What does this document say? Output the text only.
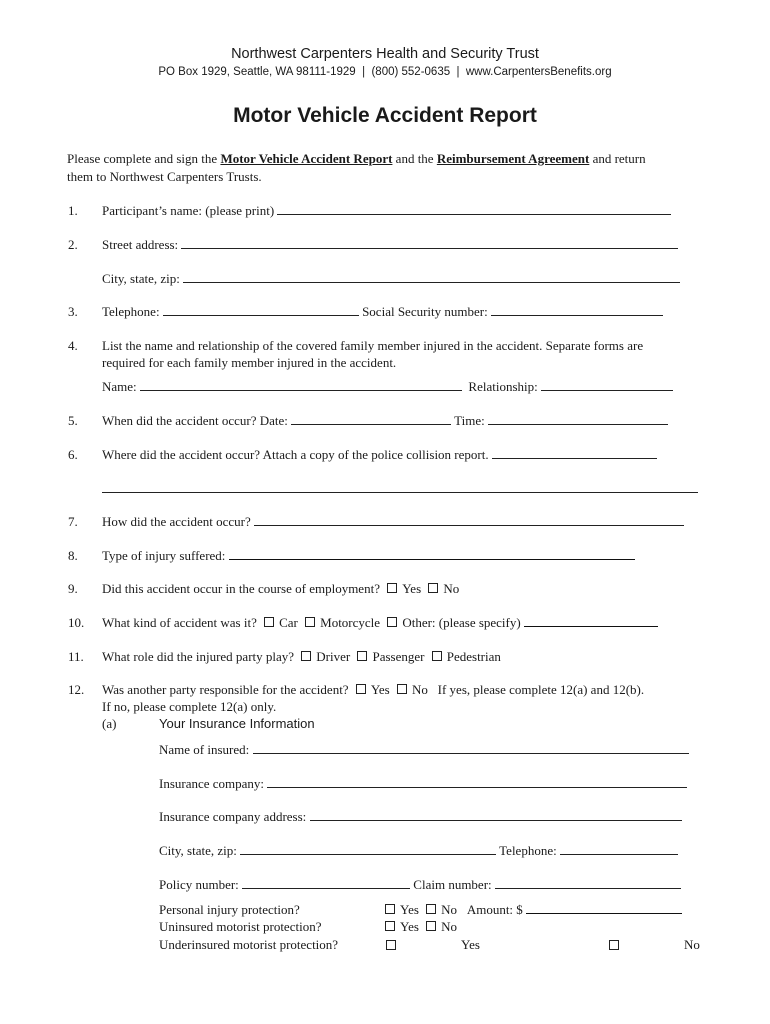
Northwest Carpenters Health and Security Trust
PO Box 1929, Seattle, WA 98111-1929  |  (800) 552-0635  |  www.CarpentersBenefits.org
Motor Vehicle Accident Report
Please complete and sign the Motor Vehicle Accident Report and the Reimbursement Agreement and return
them to Northwest Carpenters Trusts.
1. Participant’s name: (please print)
2. Street address:
City, state, zip:
3. Telephone:	Social Security number:
4. List the name and relationship of the covered family member injured in the accident. Separate forms are
required for each family member injured in the accident.
Name:	Relationship:
5. When did the accident occur? Date:	Time:
6. Where did the accident occur? Attach a copy of the police collision report.
7. How did the accident occur?
8. Type of injury suffered:
9. Did this accident occur in the course of employment? Yes No
10. What kind of accident was it? Car Motorcycle Other: (please specify)
11. What role did the injured party play? Driver Passenger Pedestrian
12. Was another party responsible for the accident? Yes No If yes, please complete 12(a) and 12(b).
If no, please complete 12(a) only.
(a)	Your Insurance Information
Name of insured:
Insurance company:
Insurance company address:
City, state, zip:	Telephone:
Policy number:	Claim number:
Personal injury protection?	Yes No Amount: $
Uninsured motorist protection?	Yes No
Underinsured motorist protection?	Yes	No
